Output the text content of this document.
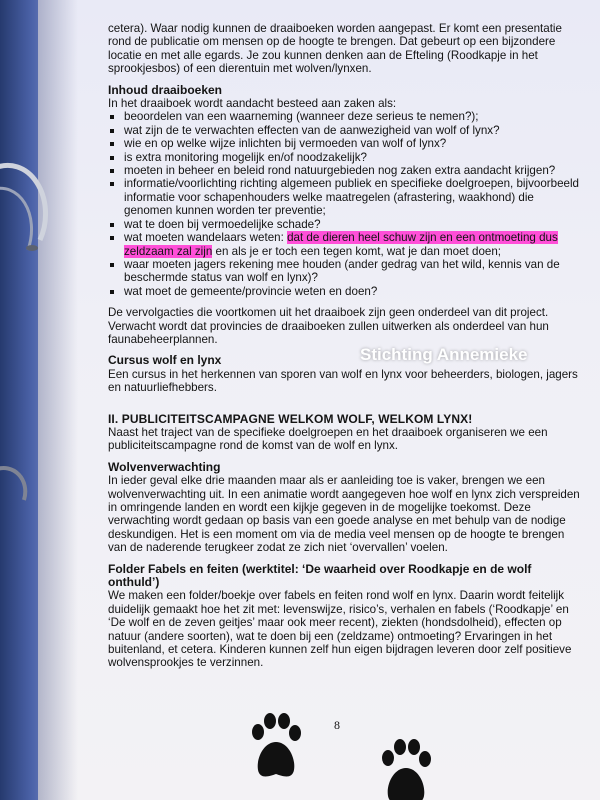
cetera). Waar nodig kunnen de draaiboeken worden aangepast. Er komt een presentatie rond de publicatie om mensen op de hoogte te brengen. Dat gebeurt op een bijzondere locatie en met alle egards. Je zou kunnen denken aan de Efteling (Roodkapje in het sprookjesbos) of een dierentuin met wolven/lynxen.

Inhoud draaiboeken

In het draaiboek wordt aandacht besteed aan zaken als:

beoordelen van een waarneming (wanneer deze serieus te nemen?);
wat zijn de te verwachten effecten van de aanwezigheid van wolf of lynx?
wie en op welke wijze inlichten bij vermoeden van wolf of lynx?
is extra monitoring mogelijk en/of noodzakelijk?
moeten in beheer en beleid rond natuurgebieden nog zaken extra aandacht krijgen?
informatie/voorlichting richting algemeen publiek en specifieke doelgroepen, bijvoorbeeld informatie voor schapenhouders welke maatregelen (afrastering, waakhond) die genomen kunnen worden ter preventie;
wat te doen bij vermoedelijke schade?
wat moeten wandelaars weten: dat de dieren heel schuw zijn en een ontmoeting dus zeldzaam zal zijn en als je er toch een tegen komt, wat je dan moet doen;
waar moeten jagers rekening mee houden (ander gedrag van het wild, kennis van de beschermde status van wolf en lynx)?
wat moet de gemeente/provincie weten en doen?

De vervolgacties die voortkomen uit het draaiboek zijn geen onderdeel van dit project. Verwacht wordt dat provincies de draaiboeken zullen uitwerken als onderdeel van hun faunabeheerplannen.

Cursus wolf en lynx

Een cursus in het herkennen van sporen van wolf en lynx voor beheerders, biologen, jagers en natuurliefhebbers.

II. PUBLICITEITSCAMPAGNE WELKOM WOLF, WELKOM LYNX!

Naast het traject van de specifieke doelgroepen en het draaiboek organiseren we een publiciteitscampagne rond de komst van de wolf en lynx.

Wolvenverwachting

In ieder geval elke drie maanden maar als er aanleiding toe is vaker, brengen we een wolvenverwachting uit. In een animatie wordt aangegeven hoe wolf en lynx zich verspreiden in omringende landen en wordt een kijkje gegeven in de mogelijke toekomst. Deze verwachting wordt gedaan op basis van een goede analyse en met behulp van de nodige deskundigen. Het is een moment om via de media veel mensen op de hoogte te brengen van de naderende terugkeer zodat ze zich niet ‘overvallen’ voelen.

Folder Fabels en feiten (werktitel: ‘De waarheid over Roodkapje en de wolf onthuld’)

We maken een folder/boekje over fabels en feiten rond wolf en lynx. Daarin wordt feitelijk duidelijk gemaakt hoe het zit met: levenswijze, risico’s, verhalen en fabels (‘Roodkapje’ en ‘De wolf en de zeven geitjes’ maar ook meer recent), ziekten (hondsdolheid), effecten op natuur (andere soorten), wat te doen bij een (zeldzame) ontmoeting? Ervaringen in het buitenland, et cetera. Kinderen kunnen zelf hun eigen bijdragen leveren door zelf positieve wolvensprookjes te verzinnen.

8
Stichting Annemieke
